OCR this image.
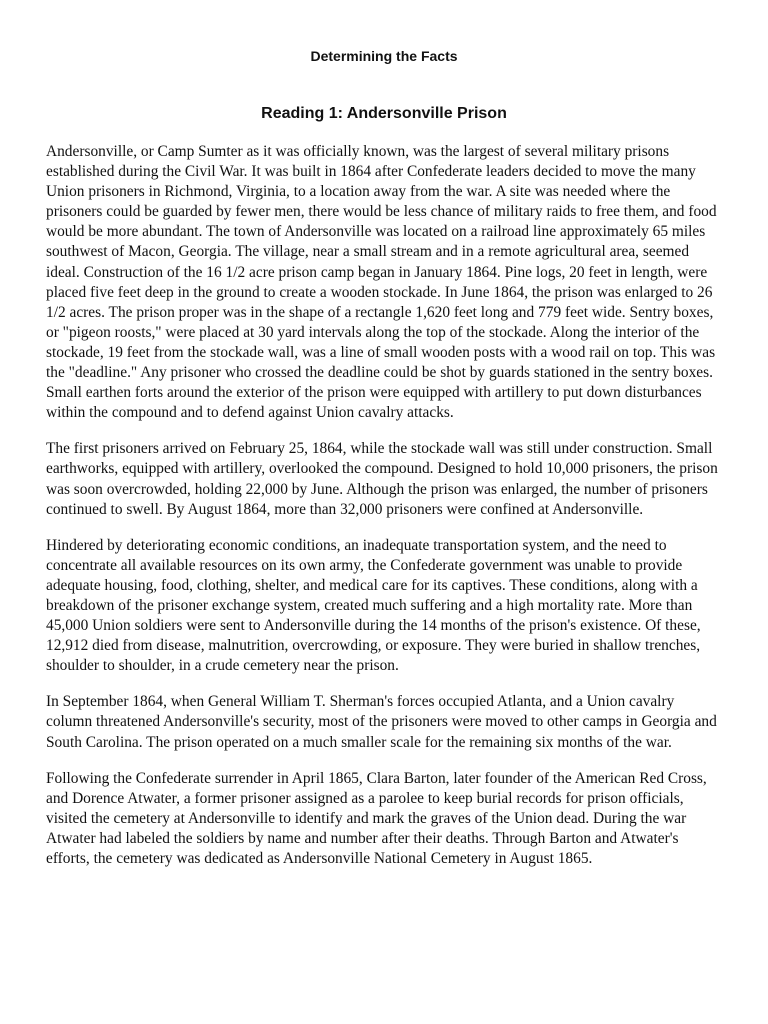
Determining the Facts
Reading 1: Andersonville Prison

Andersonville, or Camp Sumter as it was officially known, was the largest of several military prisons established during the Civil War. It was built in 1864 after Confederate leaders decided to move the many Union prisoners in Richmond, Virginia, to a location away from the war. A site was needed where the prisoners could be guarded by fewer men, there would be less chance of military raids to free them, and food would be more abundant. The town of Andersonville was located on a railroad line approximately 65 miles southwest of Macon, Georgia. The village, near a small stream and in a remote agricultural area, seemed ideal. Construction of the 16 1/2 acre prison camp began in January 1864. Pine logs, 20 feet in length, were placed five feet deep in the ground to create a wooden stockade. In June 1864, the prison was enlarged to 26 1/2 acres. The prison proper was in the shape of a rectangle 1,620 feet long and 779 feet wide. Sentry boxes, or "pigeon roosts," were placed at 30 yard intervals along the top of the stockade. Along the interior of the stockade, 19 feet from the stockade wall, was a line of small wooden posts with a wood rail on top. This was the "deadline." Any prisoner who crossed the deadline could be shot by guards stationed in the sentry boxes. Small earthen forts around the exterior of the prison were equipped with artillery to put down disturbances within the compound and to defend against Union cavalry attacks.

The first prisoners arrived on February 25, 1864, while the stockade wall was still under construction. Small earthworks, equipped with artillery, overlooked the compound. Designed to hold 10,000 prisoners, the prison was soon overcrowded, holding 22,000 by June. Although the prison was enlarged, the number of prisoners continued to swell. By August 1864, more than 32,000 prisoners were confined at Andersonville.

Hindered by deteriorating economic conditions, an inadequate transportation system, and the need to concentrate all available resources on its own army, the Confederate government was unable to provide adequate housing, food, clothing, shelter, and medical care for its captives. These conditions, along with a breakdown of the prisoner exchange system, created much suffering and a high mortality rate. More than 45,000 Union soldiers were sent to Andersonville during the 14 months of the prison's existence. Of these, 12,912 died from disease, malnutrition, overcrowding, or exposure. They were buried in shallow trenches, shoulder to shoulder, in a crude cemetery near the prison.

In September 1864, when General William T. Sherman's forces occupied Atlanta, and a Union cavalry column threatened Andersonville's security, most of the prisoners were moved to other camps in Georgia and South Carolina. The prison operated on a much smaller scale for the remaining six months of the war.

Following the Confederate surrender in April 1865, Clara Barton, later founder of the American Red Cross, and Dorence Atwater, a former prisoner assigned as a parolee to keep burial records for prison officials, visited the cemetery at Andersonville to identify and mark the graves of the Union dead. During the war Atwater had labeled the soldiers by name and number after their deaths. Through Barton and Atwater's efforts, the cemetery was dedicated as Andersonville National Cemetery in August 1865.
